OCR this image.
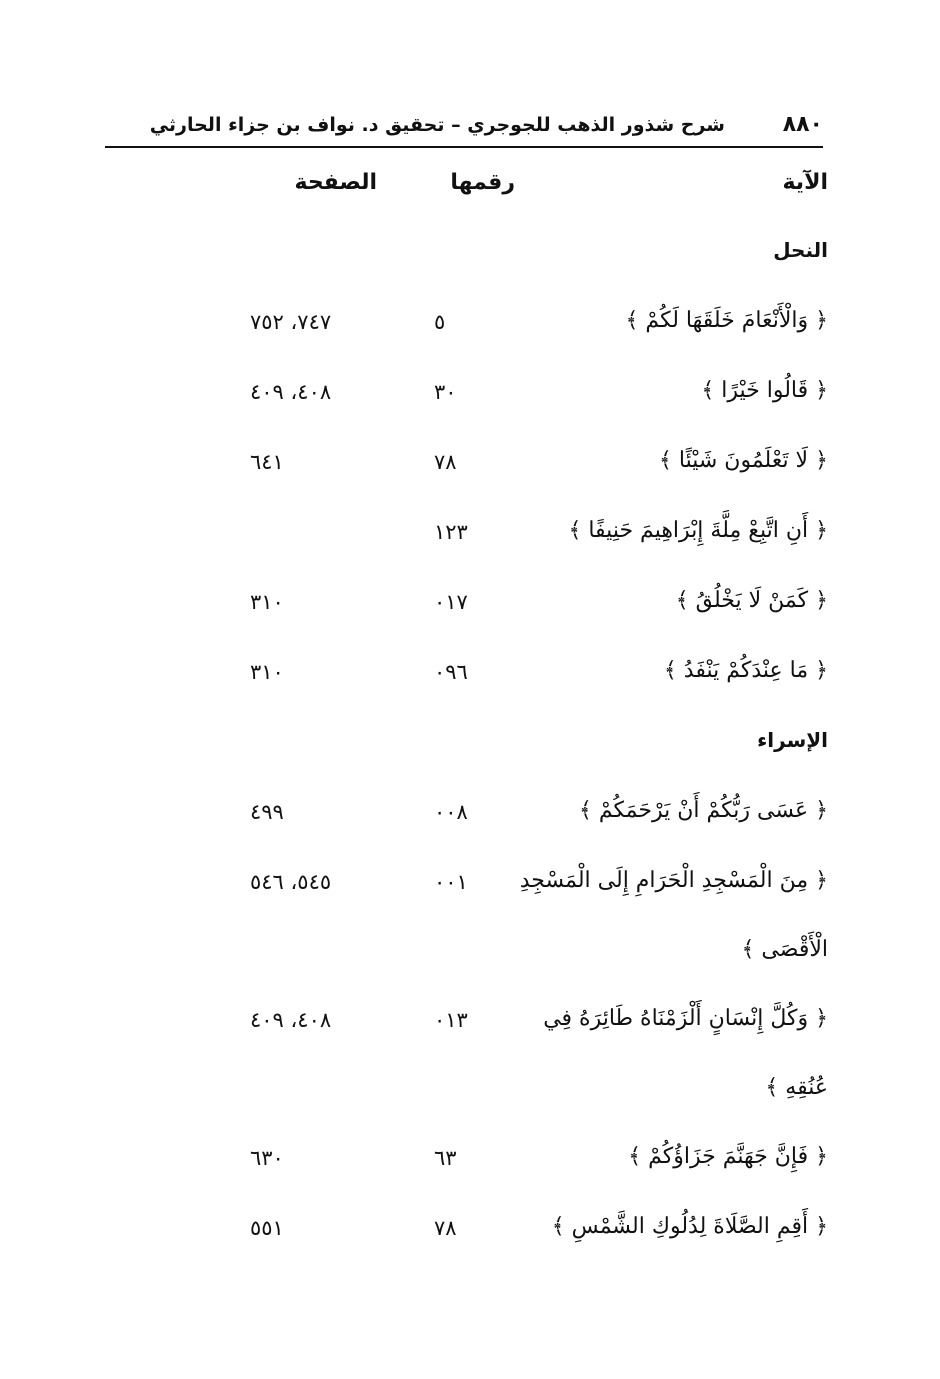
٨٨٠
شرح شذور الذهب للجوجري – تحقيق د. نواف بن جزاء الحارثي
الآية
رقمها
الصفحة
النحل
﴿ وَالْأَنْعَامَ خَلَقَهَا لَكُمْ ﴾
٥
٧٤٧، ٧٥٢
﴿ قَالُوا خَيْرًا ﴾
٣٠
٤٠٨، ٤٠٩
﴿ لَا تَعْلَمُونَ شَيْئًا ﴾
٧٨
٦٤١
﴿ أَنِ اتَّبِعْ مِلَّةَ إِبْرَاهِيمَ حَنِيفًا ﴾
١٢٣
﴿ كَمَنْ لَا يَخْلُقُ ﴾
٠١٧
٣١٠
﴿ مَا عِنْدَكُمْ يَنْفَدُ ﴾
٠٩٦
٣١٠
الإسراء
﴿ عَسَى رَبُّكُمْ أَنْ يَرْحَمَكُمْ ﴾
٠٠٨
٤٩٩
﴿ مِنَ الْمَسْجِدِ الْحَرَامِ إِلَى الْمَسْجِدِ
٠٠١
٥٤٥، ٥٤٦
الْأَقْصَى ﴾
﴿ وَكُلَّ إِنْسَانٍ أَلْزَمْنَاهُ طَائِرَهُ فِي
٠١٣
٤٠٨، ٤٠٩
عُنُقِهِ ﴾
﴿ فَإِنَّ جَهَنَّمَ جَزَاؤُكُمْ ﴾
٦٣
٦٣٠
﴿ أَقِمِ الصَّلَاةَ لِدُلُوكِ الشَّمْسِ ﴾
٧٨
٥٥١
